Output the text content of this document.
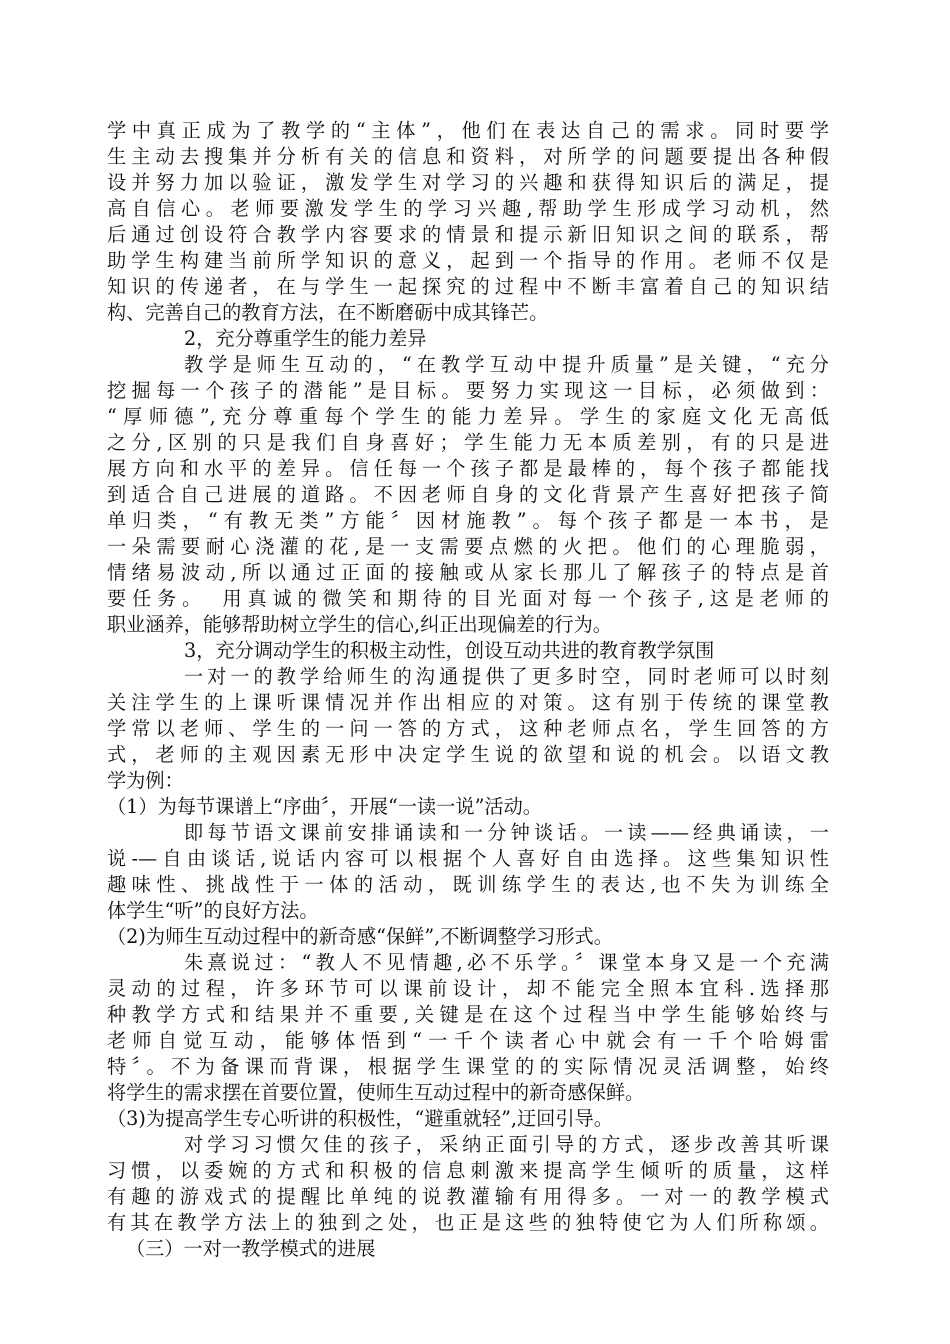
学中真正成为了教学的“主体”，他们在表达自己的需求。同时要学
生主动去搜集并分析有关的信息和资料，对所学的问题要提出各种假
设并努力加以验证，激发学生对学习的兴趣和获得知识后的满足，提
高自信心。老师要激发学生的学习兴趣,帮助学生形成学习动机，然
后通过创设符合教学内容要求的情景和提示新旧知识之间的联系，帮
助学生构建当前所学知识的意义，起到一个指导的作用。老师不仅是
知识的传递者，在与学生一起探究的过程中不断丰富着自己的知识结
构、完善自己的教育方法，在不断磨砺中成其锋芒。
2，充分尊重学生的能力差异
教学是师生互动的，“在教学互动中提升质量”是关键，“充分
挖掘每一个孩子的潜能”是目标。要努力实现这一目标，必须做到：
“厚师德”,充分尊重每个学生的能力差异。学生的家庭文化无高低
之分,区别的只是我们自身喜好；学生能力无本质差别，有的只是进
展方向和水平的差异。信任每一个孩子都是最棒的，每个孩子都能找
到适合自己进展的道路。不因老师自身的文化背景产生喜好把孩子简
单归类，“有教无类”方能〞因材施教”。每个孩子都是一本书，是
一朵需要耐心浇灌的花,是一支需要点燃的火把。他们的心理脆弱，
情绪易波动,所以通过正面的接触或从家长那儿了解孩子的特点是首
要任务。　用真诚的微笑和期待的目光面对每一个孩子,这是老师的
职业涵养，能够帮助树立学生的信心,纠正出现偏差的行为。
3，充分调动学生的积极主动性，创设互动共进的教育教学氛围
一对一的教学给师生的沟通提供了更多时空，同时老师可以时刻
关注学生的上课听课情况并作出相应的对策。这有别于传统的课堂教
学常以老师、学生的一问一答的方式，这种老师点名，学生回答的方
式，老师的主观因素无形中决定学生说的欲望和说的机会。以语文教
学为例：
（1）为每节课谱上“序曲〞，开展“一读一说”活动。
即每节语文课前安排诵读和一分钟谈话。一读——经典诵读，一
说-—自由谈话,说话内容可以根据个人喜好自由选择。这些集知识性
趣味性、挑战性于一体的活动，既训练学生的表达,也不失为训练全
体学生“听”的良好方法。
（2)为师生互动过程中的新奇感“保鲜”,不断调整学习形式。
朱熹说过：“教人不见情趣,必不乐学。〞课堂本身又是一个充满
灵动的过程，许多环节可以课前设计，却不能完全照本宜科.选择那
种教学方式和结果并不重要,关键是在这个过程当中学生能够始终与
老师自觉互动，能够体悟到“一千个读者心中就会有一千个哈姆雷
特〞。不为备课而背课，根据学生课堂的的实际情况灵活调整，始终
将学生的需求摆在首要位置，使师生互动过程中的新奇感保鲜。
（3)为提高学生专心听讲的积极性，“避重就轻”,迂回引导。
对学习习惯欠佳的孩子，采纳正面引导的方式，逐步改善其听课
习惯，以委婉的方式和积极的信息刺激来提高学生倾听的质量，这样
有趣的游戏式的提醒比单纯的说教灌输有用得多。一对一的教学模式
有其在教学方法上的独到之处，也正是这些的独特使它为人们所称颂。
（三）一对一教学模式的进展
